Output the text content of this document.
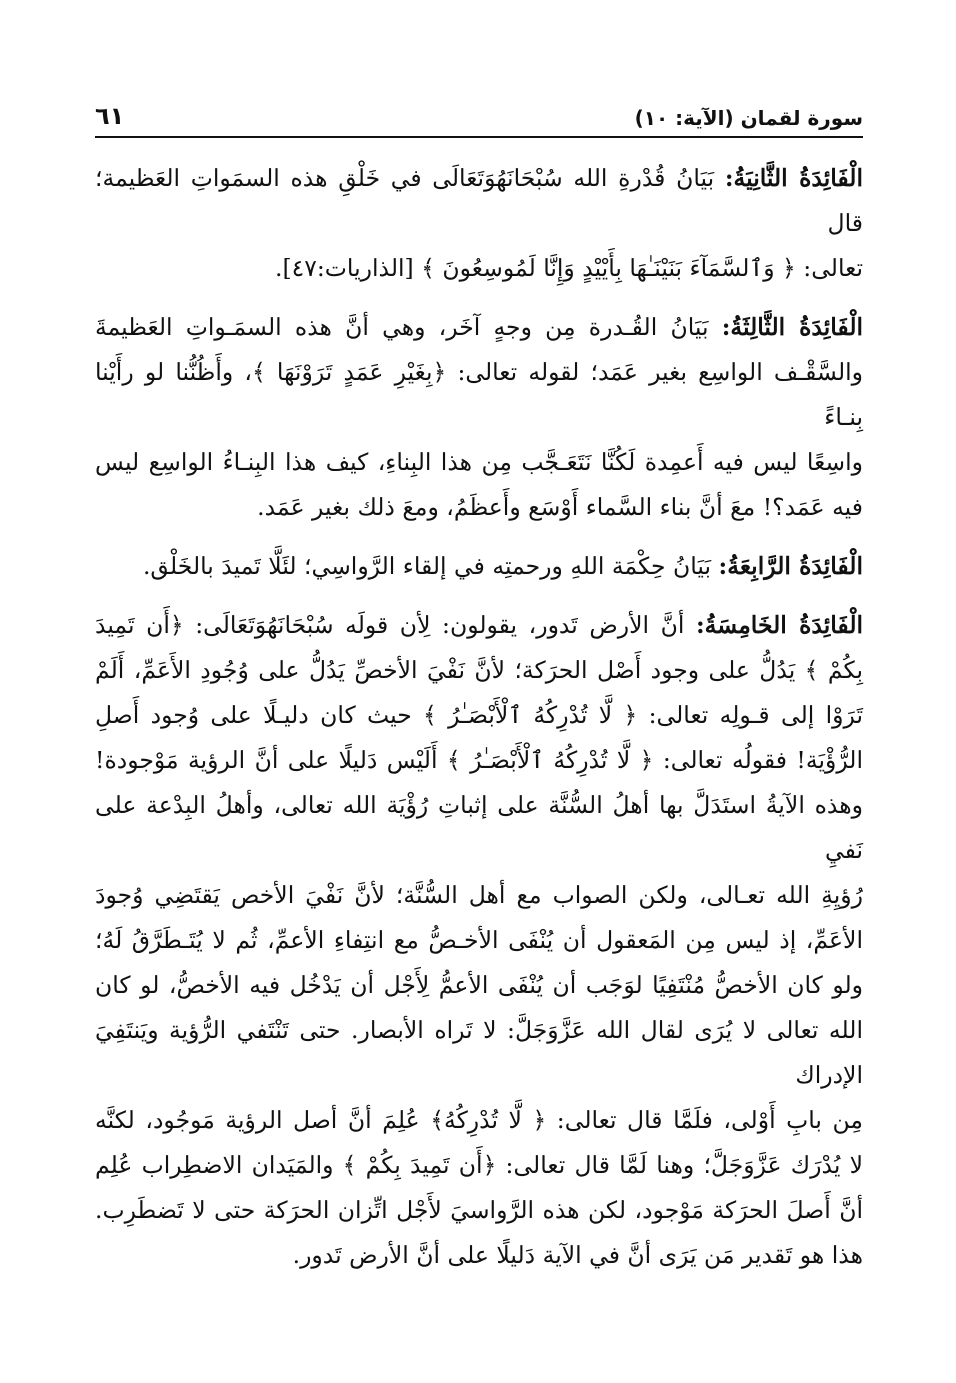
سورة لقمان (الآية: ١٠)
٦١
الْفَائِدَةُ الثَّانِيَةُ: بَيَانُ قُدْرةِ الله سُبْحَانَهُوَتَعَالَى في خَلْقِ هذه السمَواتِ العَظيمة؛ قال
تعالى: ﴿ وَٱلسَّمَآءَ بَنَيْنَـٰهَا بِأَيْيْدٍ وَإِنَّا لَمُوسِعُونَ ﴾ [الذاريات:٤٧].
الْفَائِدَةُ الثَّالِثَةُ: بَيَانُ القُـدرة مِن وجهٍ آخَر، وهي أنَّ هذه السمَـواتِ العَظيمةَ
والسَّقْـف الواسِع بغير عَمَد؛ لقوله تعالى: ﴿بِغَيْرِ عَمَدٍ تَرَوْنَهَا ﴾، وأَظُنُّنا لو رأَيْنا بِنـاءً
واسِعًا ليس فيه أَعمِدة لَكُنَّا نَتَعَـجَّب مِن هذا البِناءِ، كيف هذا البِنـاءُ الواسِع ليس
فيه عَمَد؟! معَ أنَّ بناء السَّماء أَوْسَع وأَعظَمُ، ومعَ ذلك بغير عَمَد.
الْفَائِدَةُ الرَّابِعَةُ: بَيَانُ حِكْمَة اللهِ ورحمتِه في إلقاء الرَّواسِي؛ لئَلَّا تَميدَ بالخَلْق.
الْفَائِدَةُ الخَامِسَةُ: أنَّ الأرض تَدور، يقولون: لِأن قولَه سُبْحَانَهُوَتَعَالَى: ﴿أَن تَمِيدَ
بِكُمْ ﴾ يَدُلُّ على وجود أَصْل الحرَكة؛ لأنَّ نَفْيَ الأخصِّ يَدُلُّ على وُجُودِ الأَعَمِّ، أَلَمْ
تَرَوْا إلى قـولِه تعالى: ﴿ لَّا تُدْرِكُهُ ٱلْأَبْصَـٰرُ ﴾ حيث كان دليـلًا على وُجود أَصلِ
الرُّؤْيَة! فقولُه تعالى: ﴿ لَّا تُدْرِكُهُ ٱلْأَبْصَـٰرُ ﴾ أَلَيْس دَليلًا على أنَّ الرؤية مَوْجودة!
وهذه الآيةُ استَدَلَّ بها أهلُ السُّنَّة على إثباتِ رُؤْيَة الله تعالى، وأهلُ البِدْعة على نَفيِ
رُؤيِةِ الله تعـالى، ولكن الصواب مع أهل السُّنَّة؛ لأنَّ نَفْيَ الأخص يَقتَضِي وُجودَ
الأعَمِّ، إذ ليس مِن المَعقول أن يُنْفَى الأخـصُّ مع انتِفاءِ الأعمِّ، ثُم لا يُتَـطَرَّقُ لَهُ؛
ولو كان الأخصُّ مُنْتَفِيًا لوَجَب أن يُنْفَى الأعمُّ لِأَجْل أن يَدْخُل فيه الأخصُّ، لو كان
الله تعالى لا يُرَى لقال الله عَزَّوَجَلَّ: لا تَراه الأبصار. حتى تَنْتَفي الرُّؤية ويَنتَفِيَ الإدراك
مِن بابِ أَوْلى، فلَمَّا قال تعالى: ﴿ لَّا تُدْرِكُهُ﴾ عُلِمَ أنَّ أصل الرؤية مَوجُود، لكنَّه
لا يُدْرَك عَزَّوَجَلَّ؛ وهنا لَمَّا قال تعالى: ﴿أَن تَمِيدَ بِكُمْ ﴾ والمَيَدان الاضطِراب عُلِم
أنَّ أَصلَ الحرَكة مَوْجود، لكن هذه الرَّواسيَ لأَجْل اتِّزان الحرَكة حتى لا تَضطَرِب.
هذا هو تَقدير مَن يَرَى أنَّ في الآية دَليلًا على أنَّ الأرض تَدور.
